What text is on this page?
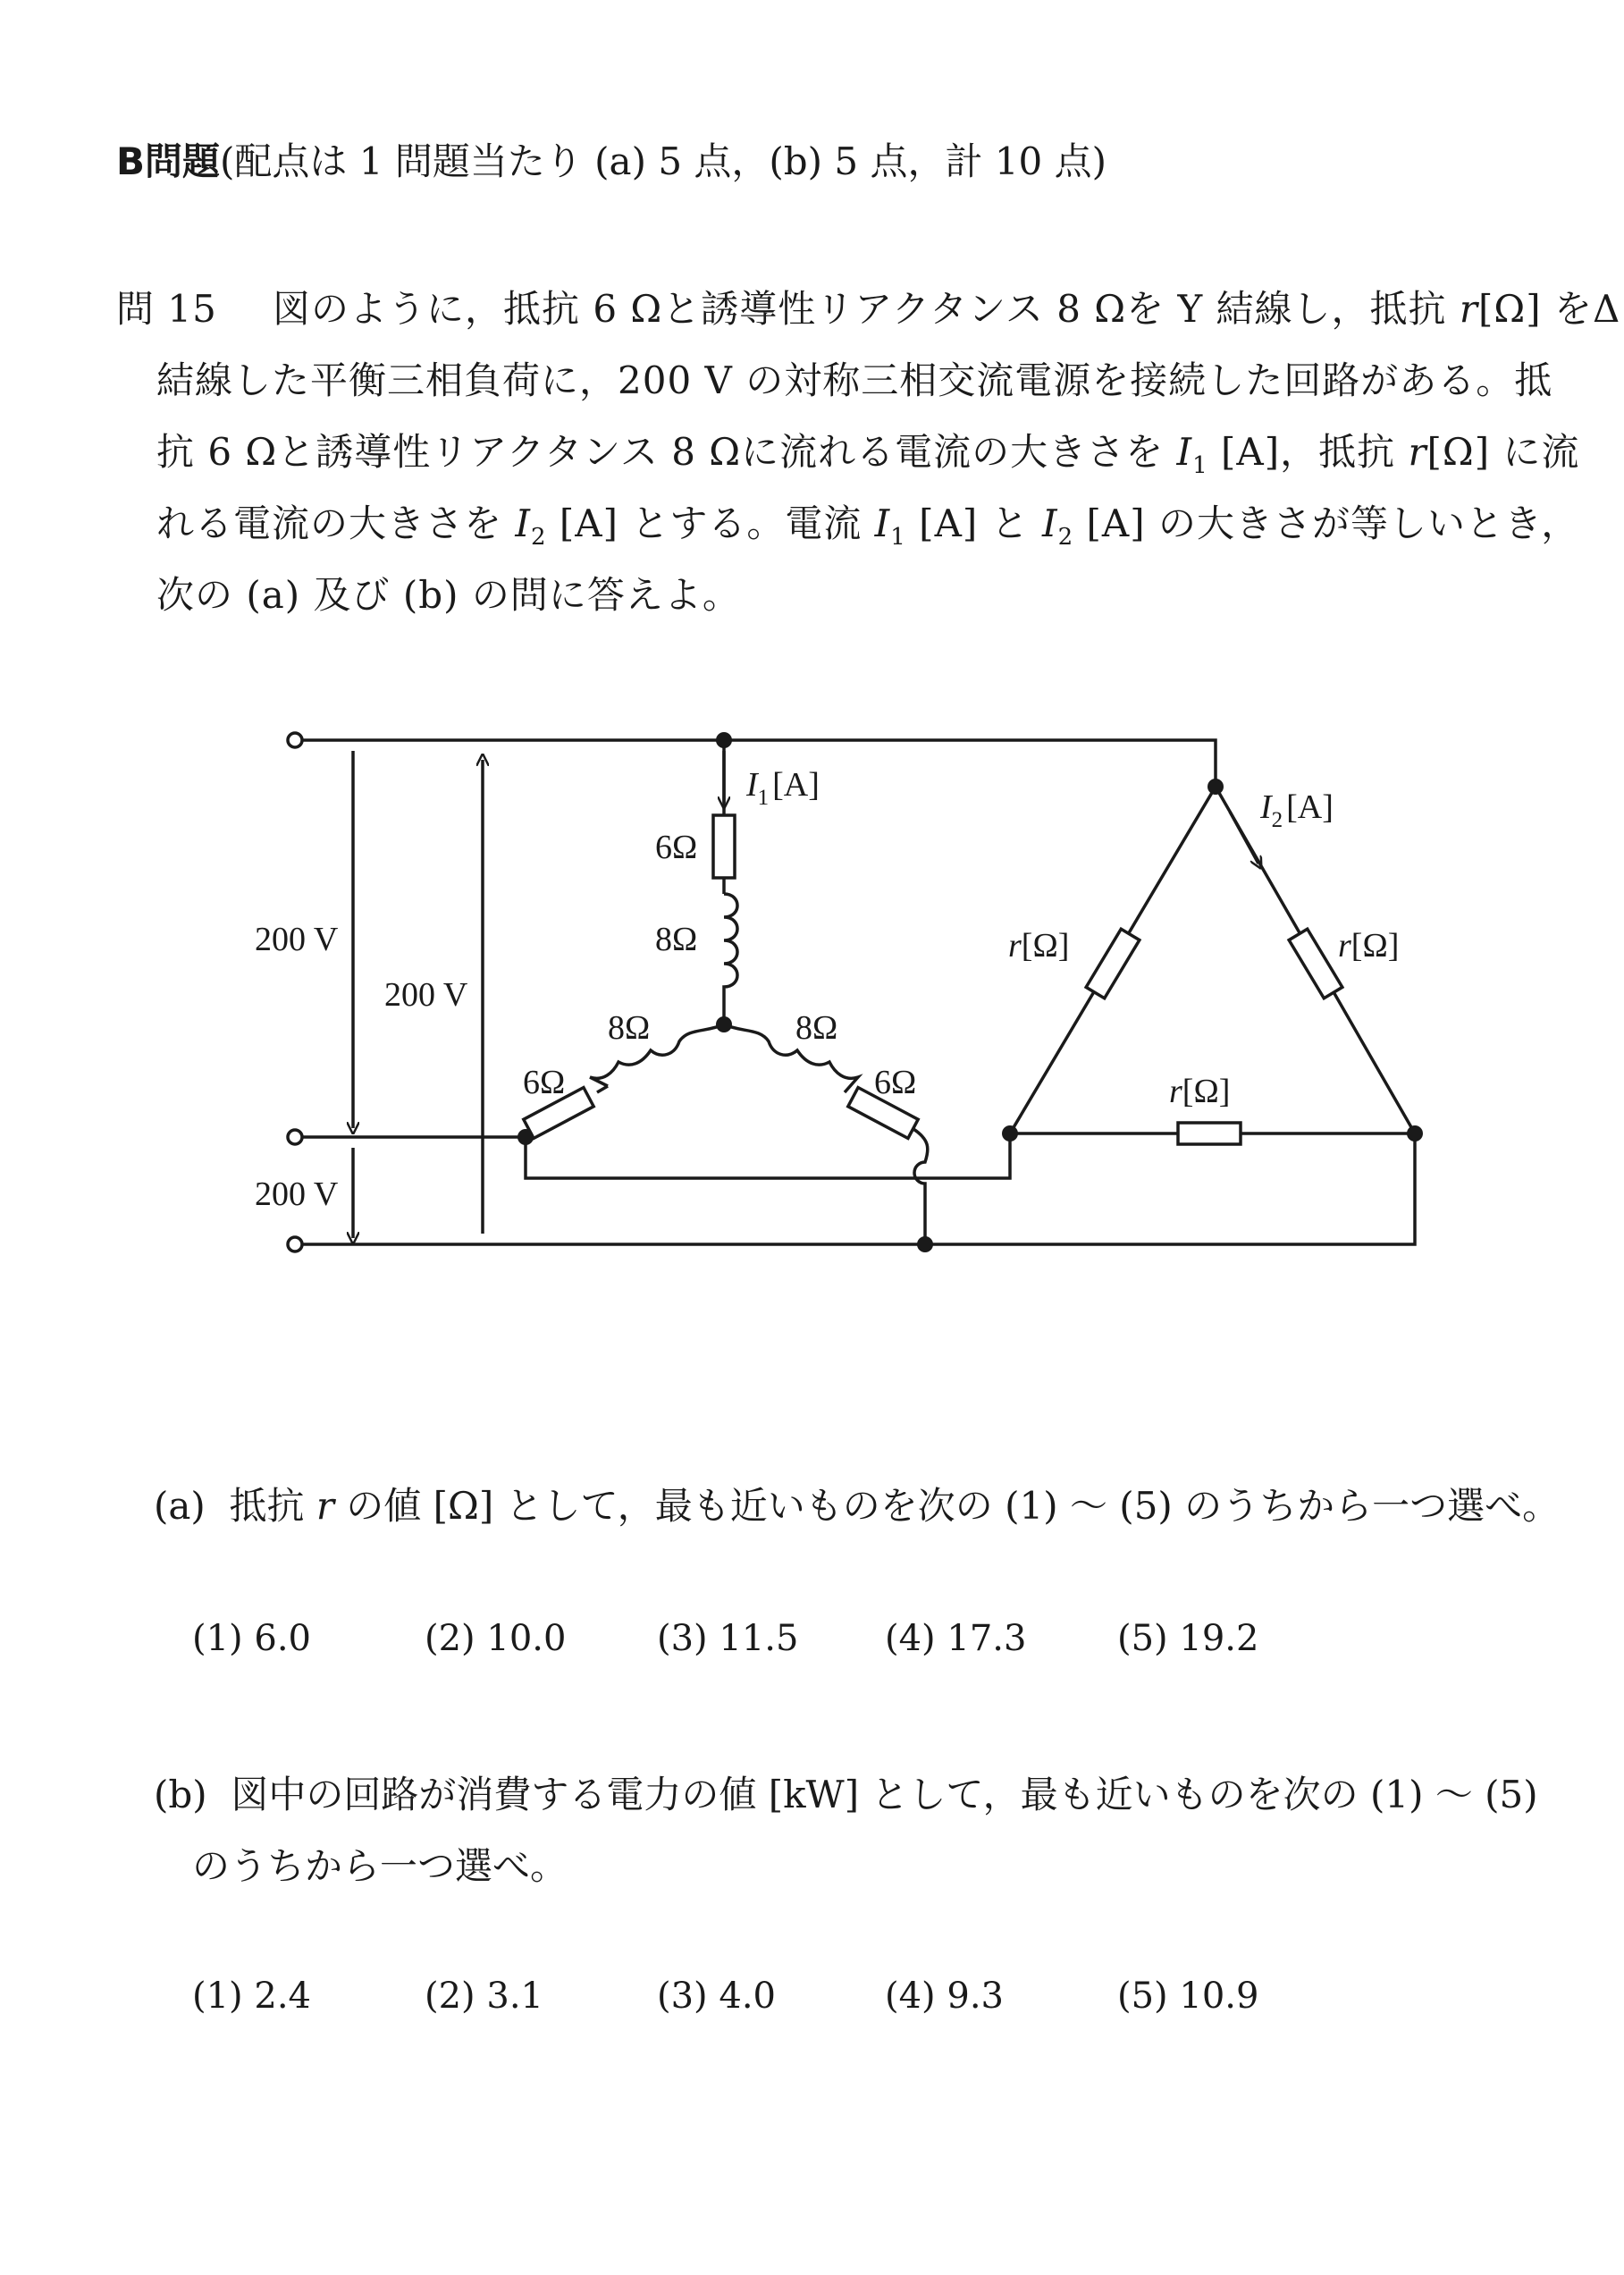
B問題(配点は 1 問題当たり (a) 5 点，(b) 5 点，計 10 点)
問 15 図のように，抵抗 6 Ωと誘導性リアクタンス 8 Ωを Y 結線し，抵抗 r[Ω] をΔ
結線した平衡三相負荷に，200 V の対称三相交流電源を接続した回路がある。抵
抗 6 Ωと誘導性リアクタンス 8 Ωに流れる電流の大きさを $I_1$ [A]，抵抗 r[Ω] に流
れる電流の大きさを $I_2$ [A] とする。電流 $I_1$ [A] と $I_2$ [A] の大きさが等しいとき，
次の (a) 及び (b) の問に答えよ。
200 V
200 V
200 V
$I_1$ [A]
$I_2$ [A]
6Ω
8Ω
8Ω	8Ω
6Ω	6Ω
r[Ω]	r[Ω]
r[Ω]
(a) 抵抗 r の値 [Ω] として，最も近いものを次の (1) ～ (5) のうちから一つ選べ。
(1) 6.0	(2) 10.0	(3) 11.5 (4) 17.3	(5) 19.2
(b) 図中の回路が消費する電力の値 [kW] として，最も近いものを次の (1) ～ (5)
のうちから一つ選べ。
(1) 2.4	(2) 3.1	(3) 4.0	(4) 9.3	(5) 10.9
